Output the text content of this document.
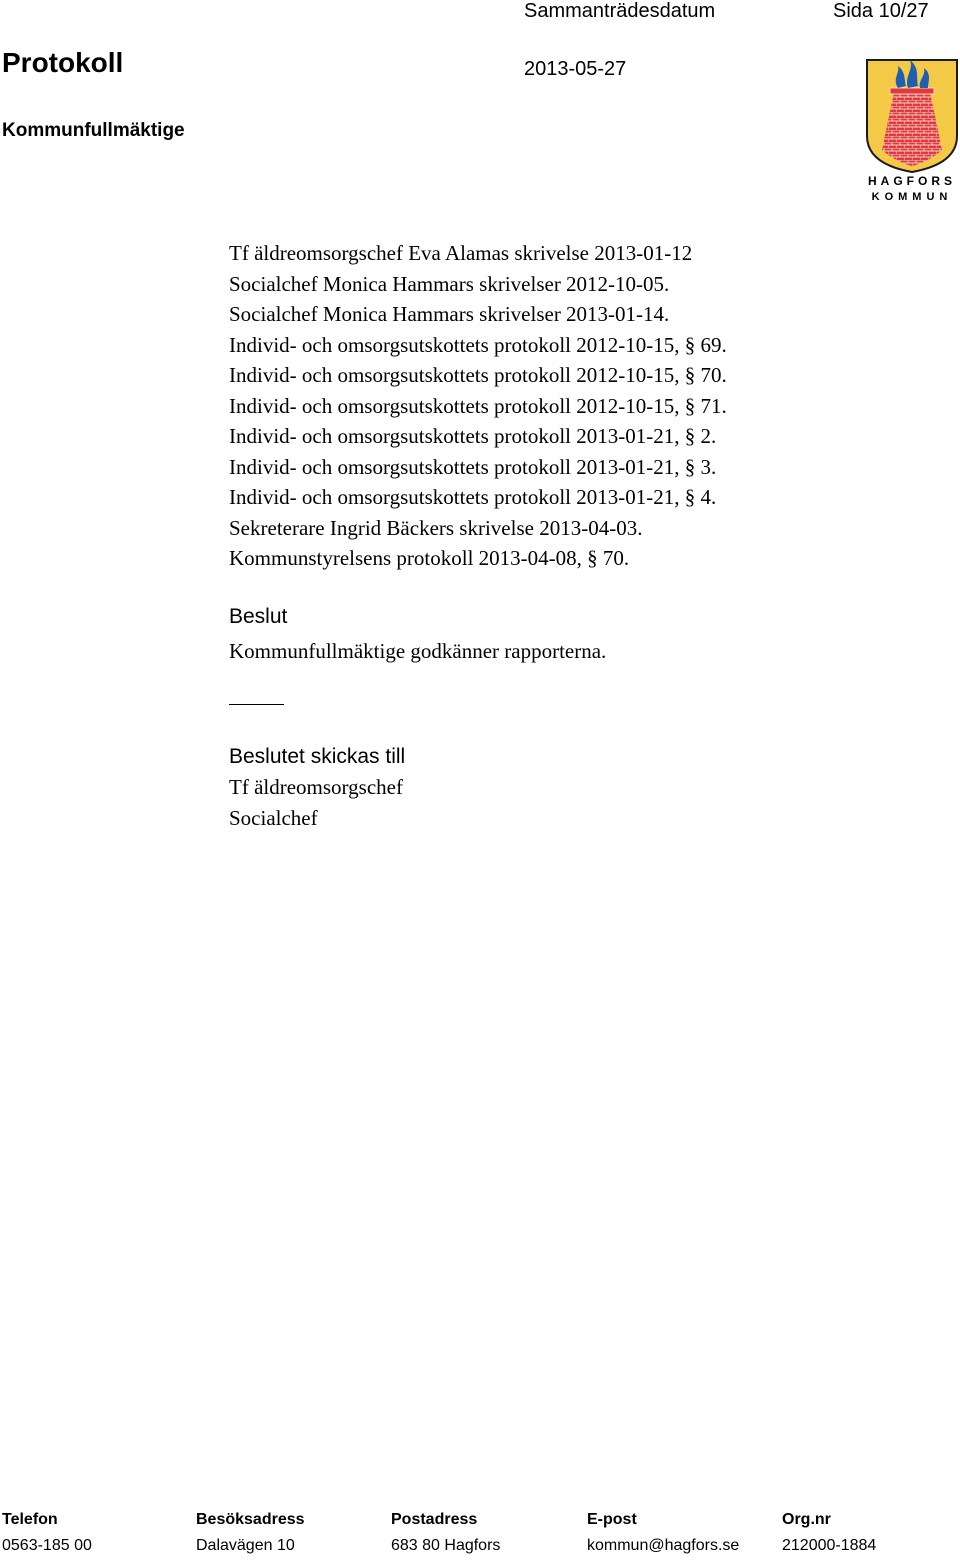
Sammanträdesdatum	Sida 10/27
Protokoll	2013-05-27
Kommunfullmäktige
HAGFORS
KOMMUN
Tf äldreomsorgschef Eva Alamas skrivelse 2013-01-12
Socialchef Monica Hammars skrivelser 2012-10-05.
Socialchef Monica Hammars skrivelser 2013-01-14.
Individ- och omsorgsutskottets protokoll 2012-10-15, § 69.
Individ- och omsorgsutskottets protokoll 2012-10-15, § 70.
Individ- och omsorgsutskottets protokoll 2012-10-15, § 71.
Individ- och omsorgsutskottets protokoll 2013-01-21, § 2.
Individ- och omsorgsutskottets protokoll 2013-01-21, § 3.
Individ- och omsorgsutskottets protokoll 2013-01-21, § 4.
Sekreterare Ingrid Bäckers skrivelse 2013-04-03.
Kommunstyrelsens protokoll 2013-04-08, § 70.
Beslut
Kommunfullmäktige godkänner rapporterna.
Beslutet skickas till
Tf äldreomsorgschef
Socialchef
Telefon	Besöksadress	Postadress	E-post	Org.nr
0563-185 00	Dalavägen 10	683 80 Hagfors	kommun@hagfors.se	212000-1884
